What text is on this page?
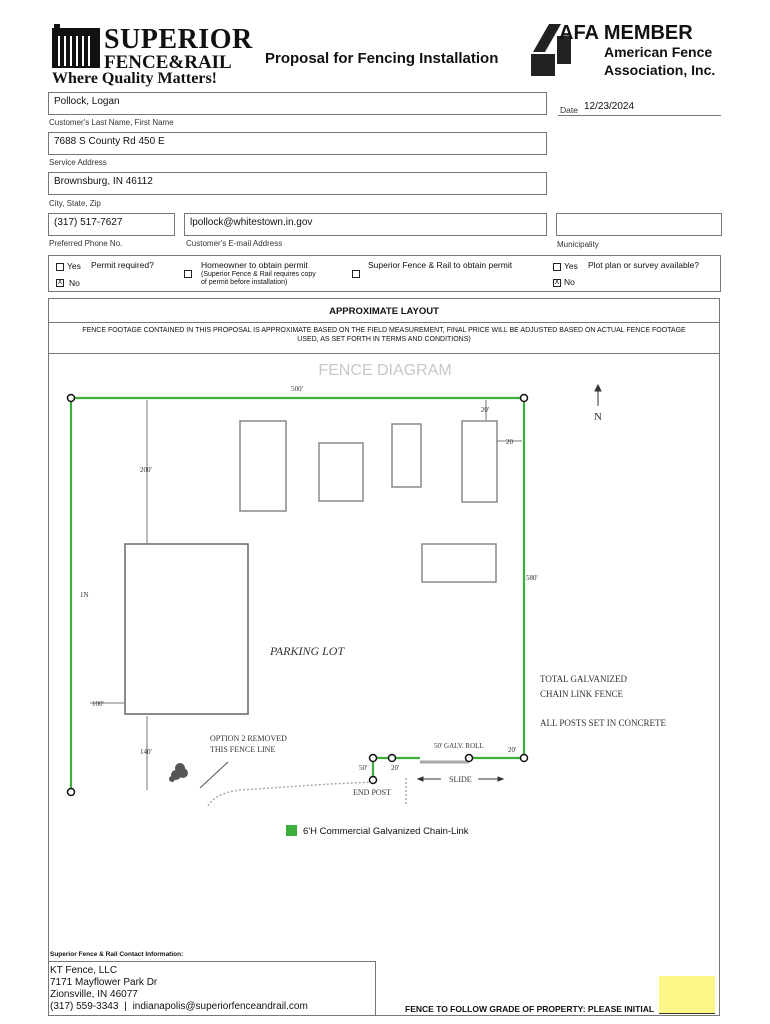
SUPERIOR
FENCE&RAIL
Where Quality Matters!
Proposal for Fencing Installation
AFA MEMBER
American Fence
Association, Inc.
Pollock, Logan
Customer's Last Name, First Name
Date 12/23/2024
7688 S County Rd 450 E
Service Address
Brownsburg, IN 46112
City, State, Zip
(317) 517-7627
Preferred Phone No.
lpollock@whitestown.in.gov
Customer's E-mail Address	Municipality
Yes Permit required?
X No
Homeowner to obtain permit
(Superior Fence & Rail requires copy
of permit before installation)
Superior Fence & Rail to obtain permit	Yes Plot plan or survey available?
X No
APPROXIMATE LAYOUT
FENCE FOOTAGE CONTAINED IN THIS PROPOSAL IS APPROXIMATE BASED ON THE FIELD MEASUREMENT, FINAL PRICE WILL BE ADJUSTED BASED ON ACTUAL FENCE FOOTAGE
USED, AS SET FORTH IN TERMS AND CONDITIONS)
FENCE DIAGRAM
500'
20'
20
200'
1N
580'
100'
140'
50'	20'
20'
PARKING LOT
N
TOTAL GALVANIZED
CHAIN LINK FENCE
ALL POSTS SET IN CONCRETE
OPTION 2 REMOVED
THIS FENCE LINE	50' GALV. ROLL
END POST
SLIDE
6'H Commercial Galvanized Chain-Link
Superior Fence & Rail Contact Information:
KT Fence, LLC
7171 Mayflower Park Dr
Zionsville, IN 46077
(317) 559-3343 | indianapolis@superiorfenceandrail.com	FENCE TO FOLLOW GRADE OF PROPERTY: PLEASE INITIAL
